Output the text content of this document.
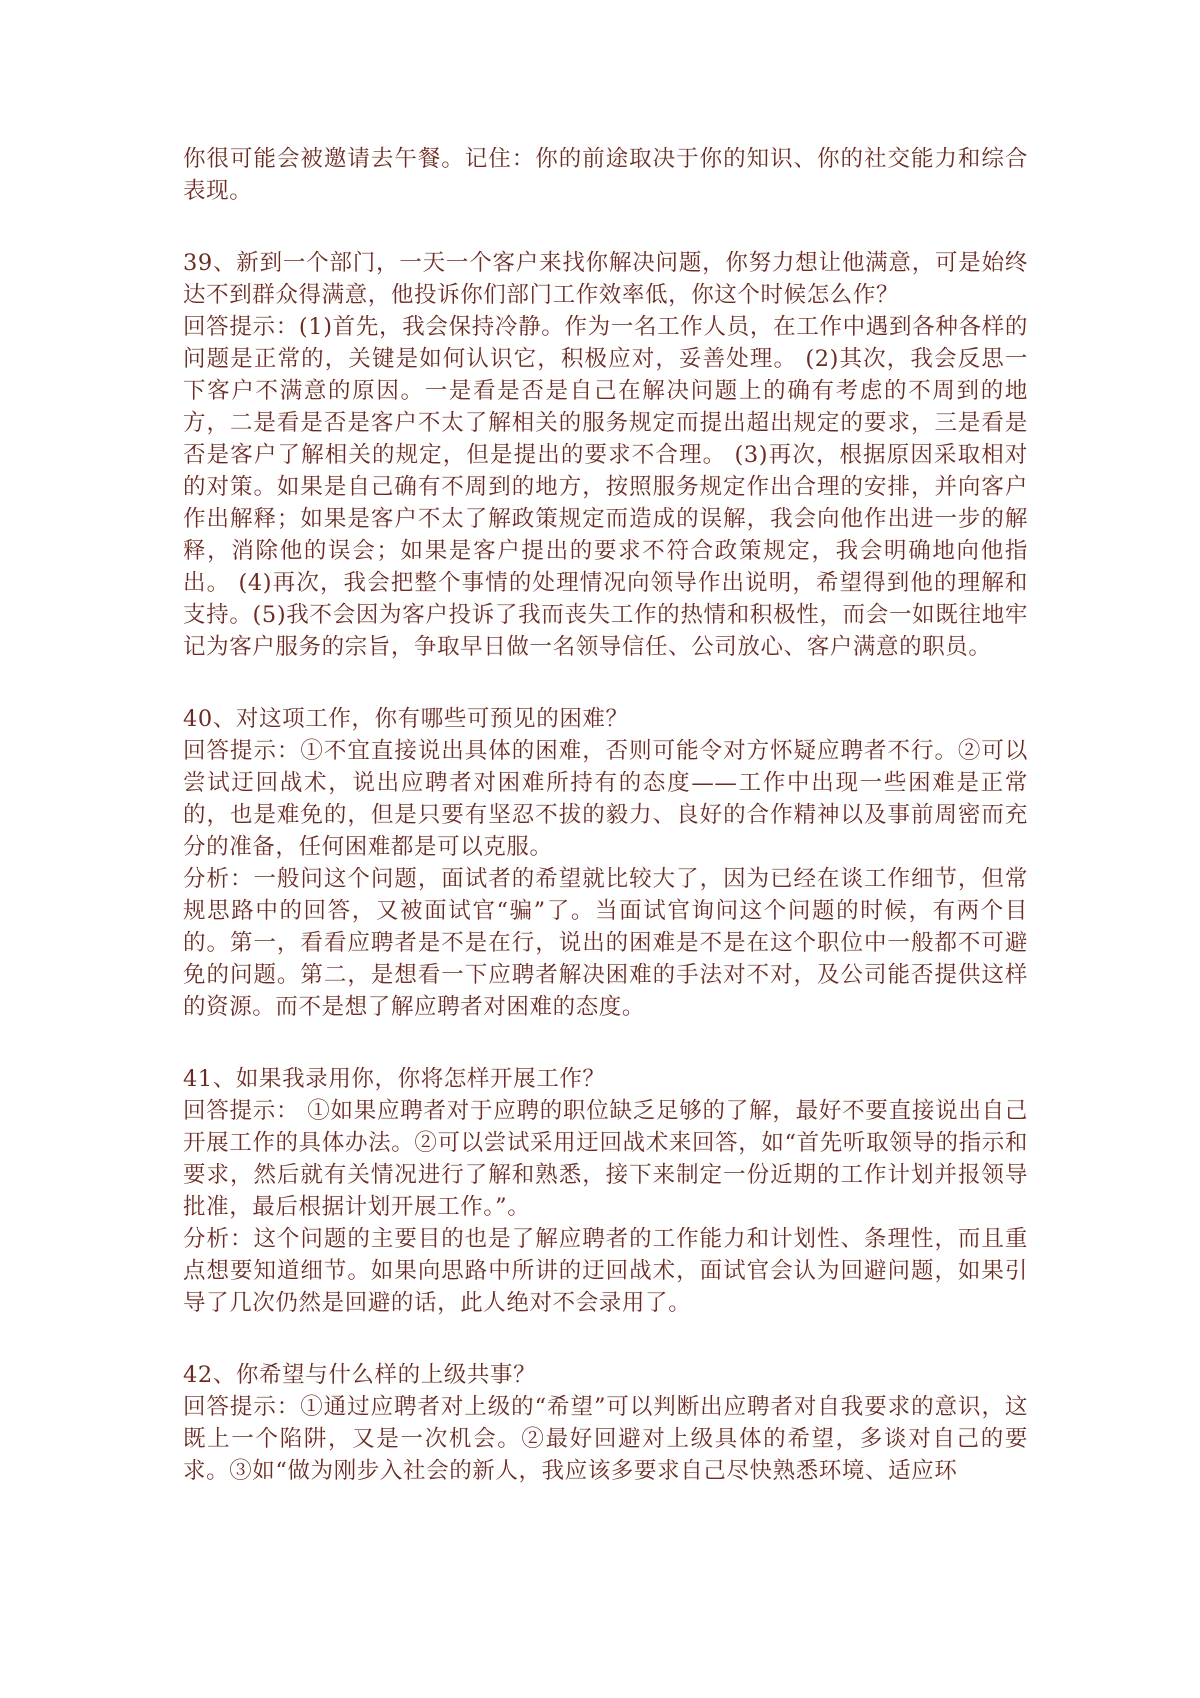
你很可能会被邀请去午餐。记住：你的前途取决于你的知识、你的社交能力和综合表现。

39、新到一个部门，一天一个客户来找你解决问题，你努力想让他满意，可是始终达不到群众得满意，他投诉你们部门工作效率低，你这个时候怎么作？

回答提示：(1)首先，我会保持冷静。作为一名工作人员，在工作中遇到各种各样的问题是正常的，关键是如何认识它，积极应对，妥善处理。 (2)其次，我会反思一下客户不满意的原因。一是看是否是自己在解决问题上的确有考虑的不周到的地方，二是看是否是客户不太了解相关的服务规定而提出超出规定的要求，三是看是否是客户了解相关的规定，但是提出的要求不合理。 (3)再次，根据原因采取相对的对策。如果是自己确有不周到的地方，按照服务规定作出合理的安排，并向客户作出解释；如果是客户不太了解政策规定而造成的误解，我会向他作出进一步的解释，消除他的误会；如果是客户提出的要求不符合政策规定，我会明确地向他指出。 (4)再次，我会把整个事情的处理情况向领导作出说明，希望得到他的理解和支持。(5)我不会因为客户投诉了我而丧失工作的热情和积极性，而会一如既往地牢记为客户服务的宗旨，争取早日做一名领导信任、公司放心、客户满意的职员。

40、对这项工作，你有哪些可预见的困难？

回答提示：①不宜直接说出具体的困难，否则可能令对方怀疑应聘者不行。②可以尝试迂回战术，说出应聘者对困难所持有的态度——工作中出现一些困难是正常的，也是难免的，但是只要有坚忍不拔的毅力、良好的合作精神以及事前周密而充分的准备，任何困难都是可以克服。

分析：一般问这个问题，面试者的希望就比较大了，因为已经在谈工作细节，但常规思路中的回答，又被面试官“骗”了。当面试官询问这个问题的时候，有两个目的。第一，看看应聘者是不是在行，说出的困难是不是在这个职位中一般都不可避免的问题。第二，是想看一下应聘者解决困难的手法对不对，及公司能否提供这样的资源。而不是想了解应聘者对困难的态度。

41、如果我录用你，你将怎样开展工作？

回答提示： ①如果应聘者对于应聘的职位缺乏足够的了解，最好不要直接说出自己开展工作的具体办法。②可以尝试采用迂回战术来回答，如“首先听取领导的指示和要求，然后就有关情况进行了解和熟悉，接下来制定一份近期的工作计划并报领导批准，最后根据计划开展工作。”。

分析：这个问题的主要目的也是了解应聘者的工作能力和计划性、条理性，而且重点想要知道细节。如果向思路中所讲的迂回战术，面试官会认为回避问题，如果引导了几次仍然是回避的话，此人绝对不会录用了。

42、你希望与什么样的上级共事？

回答提示：①通过应聘者对上级的“希望”可以判断出应聘者对自我要求的意识，这既上一个陷阱，又是一次机会。②最好回避对上级具体的希望，多谈对自己的要求。③如“做为刚步入社会的新人，我应该多要求自己尽快熟悉环境、适应环
